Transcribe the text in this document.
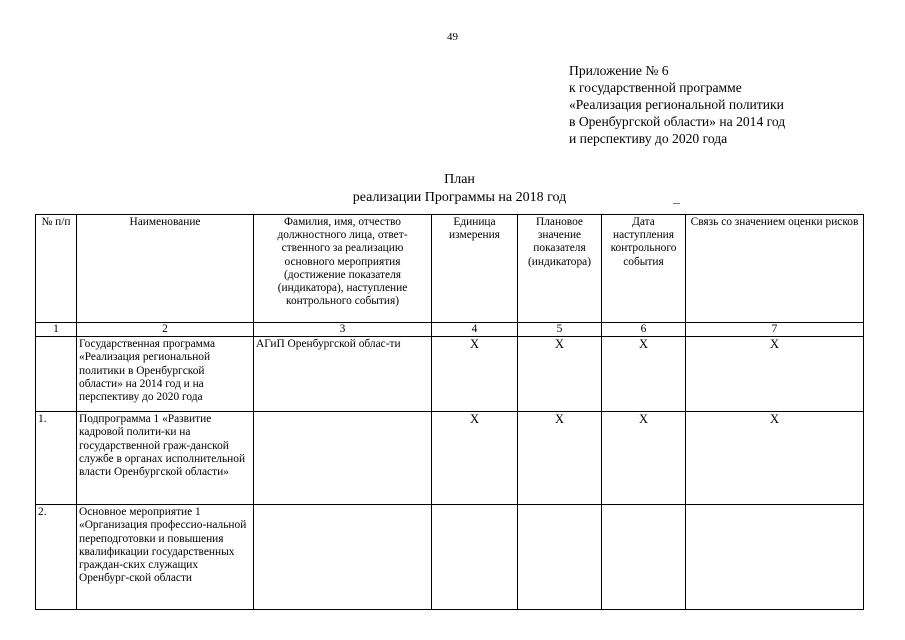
49
Приложение № 6
к государственной программе
«Реализация региональной политики
в Оренбургской области» на 2014 год
и перспективу до 2020 года
План
реализации Программы на 2018 год
№ п/п	Наименование	Фамилия, имя, отчество должностного лица, ответ-ственного за реализацию основного мероприятия (достижение показателя (индикатора), наступление контрольного события)	Единица измерения	Плановое значение показателя (индикатора)	Дата наступления контрольного события	Связь со значением оценки рисков
1	2	3	4	5	6	7
	Государственная программа «Реализация региональной политики в Оренбургской области» на 2014 год и на перспективу до 2020 года	АГиП Оренбургской облас-ти	Х	Х	Х	Х
1.	Подпрограмма 1 «Развитие кадровой полити-ки на государственной граж-данской службе в органах исполнительной власти Оренбургской области»		Х	Х	Х	Х
2.	Основное мероприятие 1 «Организация профессио-нальной переподготовки и повышения квалификации государственных граждан-ских служащих Оренбург-ской области					
